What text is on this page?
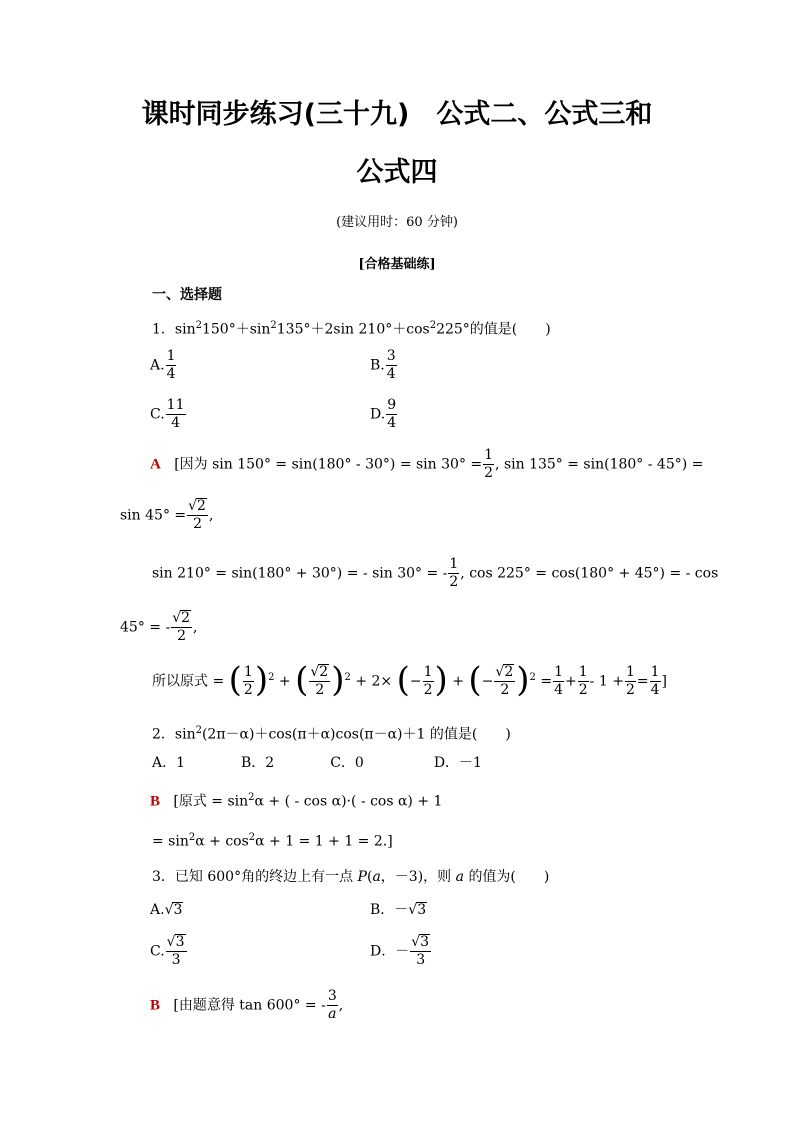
课时同步练习(三十九)　公式二、公式三和
公式四
(建议用时：60 分钟)
[合格基础练]
一、选择题
1．$\sin^2150^\circ+\sin^2135^\circ+2\sin$ $210^\circ+\cos^2225^\circ$的值是(　　)
A. $\frac{1}{4}$	B. $\frac{3}{4}$
C. $\frac{11}{4}$	D. $\frac{9}{4}$
A [因为 $\sin 150^\circ = \sin(180^\circ - 30^\circ) = \sin 30^\circ = \frac{1}{2}$ , sin 135° = sin(180° - 45°) =
$\sin 45^\circ = \frac{√2}{2}$ ,
sin 210° = sin(180° + 30°) = - sin 30° = - $\frac{1}{2}$ , cos 225° = cos(180° + 45°) = - cos
45° = - $\frac{√2}{2}$ ,
所以原式 = ( $\frac{1}{2} )^2$ + ( $\frac{√2}{2} )^2 + 2\times$ (− $\frac{1}{2}$ ) + (− $\frac{√2}{2} )^2 = \frac{1}{4} + \frac{1}{2} - 1 + \frac{1}{2} = \frac{1}{4}$ ]
2．$\sin^2(2\pi-\alpha)+\cos(\pi+\alpha)\cos(\pi-\alpha)+1$ 的值是(　　)
A．1　　　　B．2　　　　C．0　　　　　D．－1
B [原式 = $\sin^2\alpha$ + ( - cos α)·( - cos α) + 1
= $\sin^2\alpha + \cos^2\alpha + 1 = 1 + 1 = 2$.]
3．已知 600°角的终边上有一点 P(a，－3)，则 a 的值为(　　)
A.√3	B．－√3
C. $\frac{√3}{3}$	D．－ $\frac{√3}{3}$
B [由题意得 tan 600° = - $\frac{3}{a}$ ,
